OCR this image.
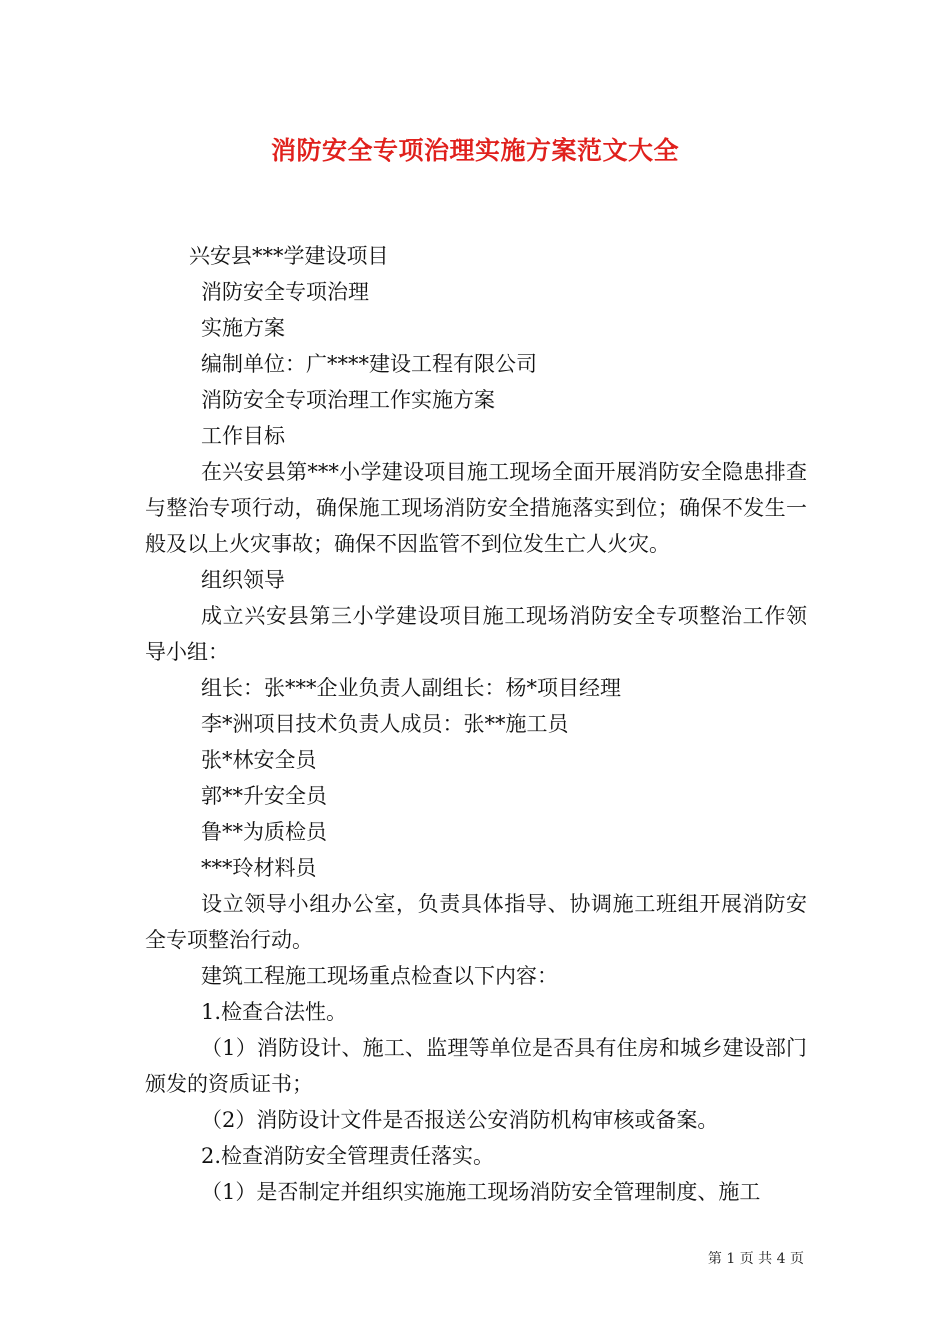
消防安全专项治理实施方案范文大全

兴安县***学建设项目

消防安全专项治理

实施方案

编制单位：广****建设工程有限公司

消防安全专项治理工作实施方案

工作目标

在兴安县第***小学建设项目施工现场全面开展消防安全隐患排查与整治专项行动，确保施工现场消防安全措施落实到位；确保不发生一般及以上火灾事故；确保不因监管不到位发生亡人火灾。

组织领导

成立兴安县第三小学建设项目施工现场消防安全专项整治工作领导小组：

组长：张***企业负责人副组长：杨*项目经理

李*洲项目技术负责人成员：张**施工员

张*林安全员

郭**升安全员

鲁**为质检员

***玲材料员

设立领导小组办公室，负责具体指导、协调施工班组开展消防安全专项整治行动。

建筑工程施工现场重点检查以下内容：

1.检查合法性。

（1）消防设计、施工、监理等单位是否具有住房和城乡建设部门颁发的资质证书；

（2）消防设计文件是否报送公安消防机构审核或备案。

2.检查消防安全管理责任落实。

（1）是否制定并组织实施施工现场消防安全管理制度、施工

第 1 页 共 4 页
